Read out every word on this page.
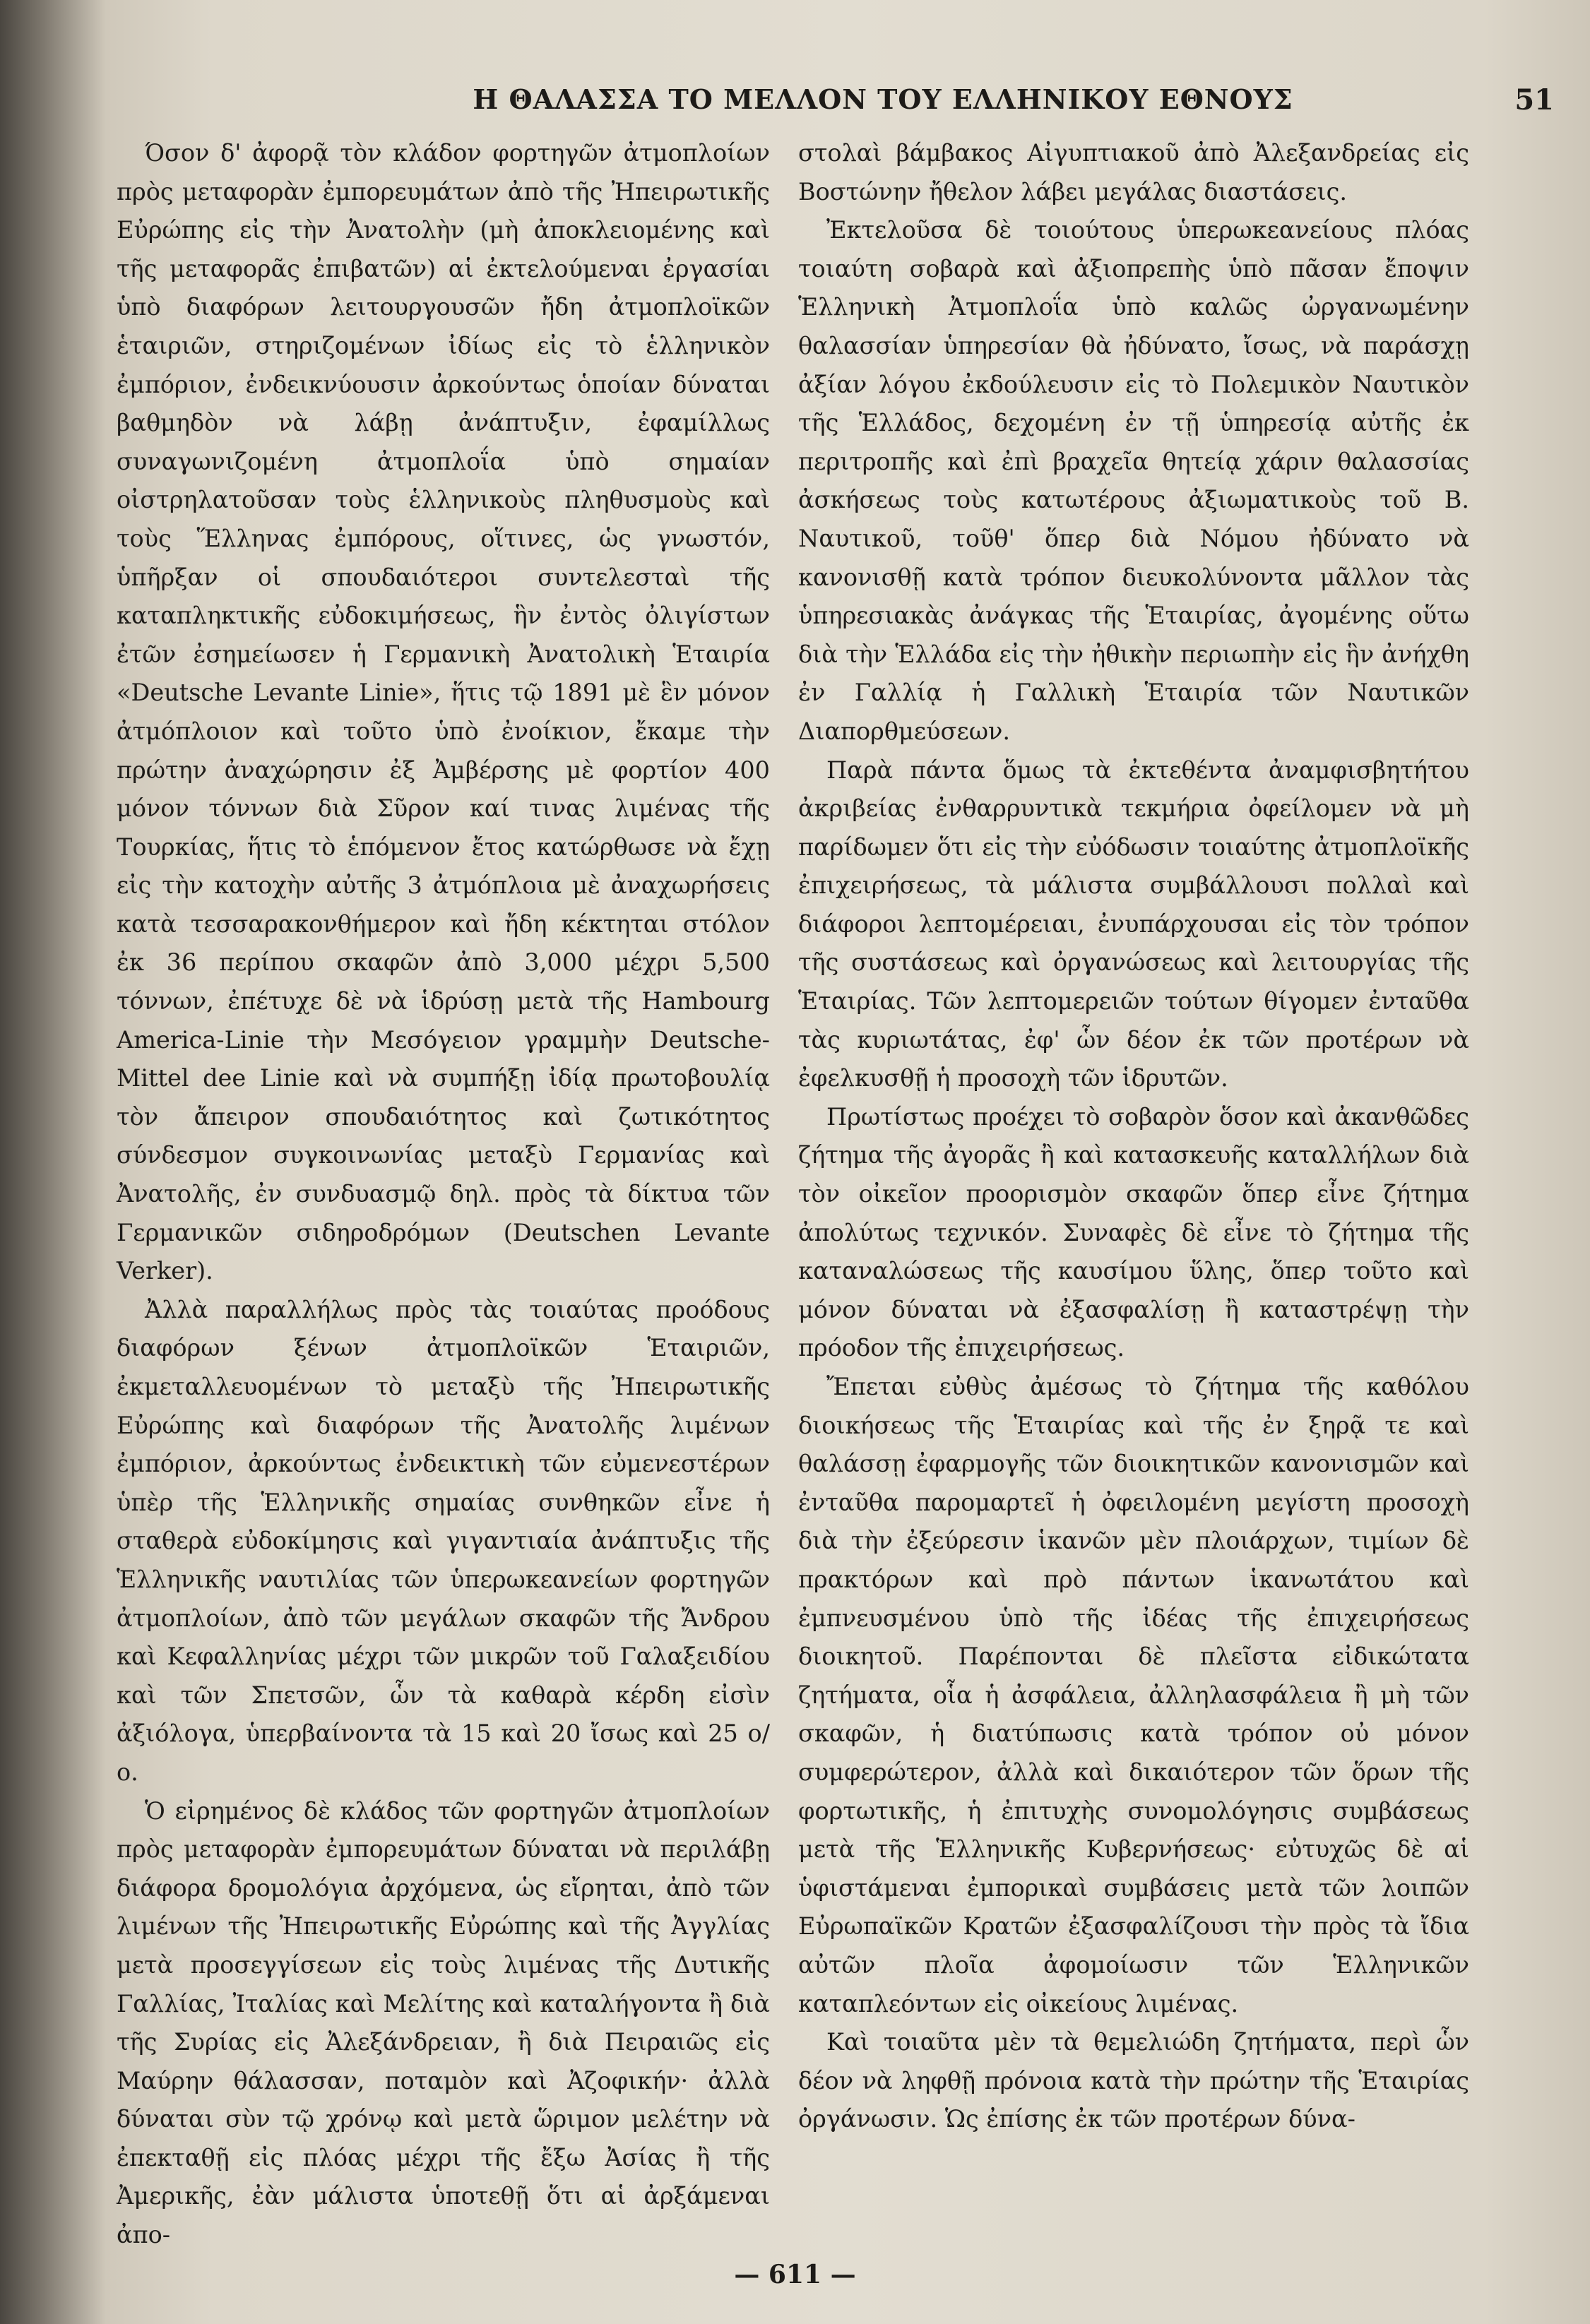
Η ΘΑΛΑΣΣΑ ΤΟ ΜΕΛΛΟΝ ΤΟΥ ΕΛΛΗΝΙΚΟΥ ΕΘΝΟΥΣ	51

Όσον δ' ἀφορᾷ τὸν κλάδον φορτηγῶν ἀτμοπλοίων πρὸς μεταφορὰν ἐμπορευμάτων ἀπὸ τῆς Ἠπειρωτικῆς Εὐρώπης εἰς τὴν Ἀνατολὴν (μὴ ἀποκλειομένης καὶ τῆς μεταφορᾶς ἐπιβατῶν) αἱ ἐκτελούμεναι ἐργασίαι ὑπὸ διαφόρων λειτουργουσῶν ἤδη ἀτμοπλοϊκῶν ἑταιριῶν, στηριζομένων ἰδίως εἰς τὸ ἑλληνικὸν ἐμπόριον, ἐνδεικνύουσιν ἀρκούντως ὁποίαν δύναται βαθμηδὸν νὰ λάβῃ ἀνάπτυξιν, ἐφαμίλλως συναγωνιζομένη ἀτμοπλοΐα ὑπὸ σημαίαν οἰστρηλατοῦσαν τοὺς ἑλληνικοὺς πληθυσμοὺς καὶ τοὺς Ἕλληνας ἐμπόρους, οἵτινες, ὡς γνωστόν, ὑπῆρξαν οἱ σπουδαιότεροι συντελεσταὶ τῆς καταπληκτικῆς εὐδοκιμήσεως, ἣν ἐντὸς ὀλιγίστων ἐτῶν ἐσημείωσεν ἡ Γερμανικὴ Ἀνατολικὴ Ἑταιρία «Deutsche Levante Linie», ἥτις τῷ 1891 μὲ ἓν μόνον ἀτμόπλοιον καὶ τοῦτο ὑπὸ ἐνοίκιον, ἔκαμε τὴν πρώτην ἀναχώρησιν ἐξ Ἀμβέρσης μὲ φορτίον 400 μόνον τόννων διὰ Σῦρον καί τινας λιμένας τῆς Τουρκίας, ἥτις τὸ ἑπόμενον ἔτος κατώρθωσε νὰ ἔχῃ εἰς τὴν κατοχὴν αὐτῆς 3 ἀτμόπλοια μὲ ἀναχωρήσεις κατὰ τεσσαρακονθήμερον καὶ ἤδη κέκτηται στόλον ἐκ 36 περίπου σκαφῶν ἀπὸ 3,000 μέχρι 5,500 τόννων, ἐπέτυχε δὲ νὰ ἱδρύσῃ μετὰ τῆς Hambourg America-Linie τὴν Μεσόγειον γραμμὴν Deutsche-Mittel dee Linie καὶ νὰ συμπήξῃ ἰδίᾳ πρωτοβουλίᾳ τὸν ἄπειρον σπουδαιότητος καὶ ζωτικότητος σύνδεσμον συγκοινωνίας μεταξὺ Γερμανίας καὶ Ἀνατολῆς, ἐν συνδυασμῷ δηλ. πρὸς τὰ δίκτυα τῶν Γερμανικῶν σιδηροδρόμων (Deutschen Levante Verker).

Ἀλλὰ παραλλήλως πρὸς τὰς τοιαύτας προόδους διαφόρων ξένων ἀτμοπλοϊκῶν Ἑταιριῶν, ἐκμεταλλευομένων τὸ μεταξὺ τῆς Ἠπειρωτικῆς Εὐρώπης καὶ διαφόρων τῆς Ἀνατολῆς λιμένων ἐμπόριον, ἀρκούντως ἐνδεικτικὴ τῶν εὐμενεστέρων ὑπὲρ τῆς Ἑλληνικῆς σημαίας συνθηκῶν εἶνε ἡ σταθερὰ εὐδοκίμησις καὶ γιγαντιαία ἀνάπτυξις τῆς Ἑλληνικῆς ναυτιλίας τῶν ὑπερωκεανείων φορτηγῶν ἀτμοπλοίων, ἀπὸ τῶν μεγάλων σκαφῶν τῆς Ἄνδρου καὶ Κεφαλληνίας μέχρι τῶν μικρῶν τοῦ Γαλαξειδίου καὶ τῶν Σπετσῶν, ὧν τὰ καθαρὰ κέρδη εἰσὶν ἀξιόλογα, ὑπερβαίνοντα τὰ 15 καὶ 20 ἴσως καὶ 25 ο/ο.

Ὁ εἰρημένος δὲ κλάδος τῶν φορτηγῶν ἀτμοπλοίων πρὸς μεταφορὰν ἐμπορευμάτων δύναται νὰ περιλάβῃ διάφορα δρομολόγια ἀρχόμενα, ὡς εἴρηται, ἀπὸ τῶν λιμένων τῆς Ἠπειρωτικῆς Εὐρώπης καὶ τῆς Ἀγγλίας μετὰ προσεγγίσεων εἰς τοὺς λιμένας τῆς Δυτικῆς Γαλλίας, Ἰταλίας καὶ Μελίτης καὶ καταλήγοντα ἢ διὰ τῆς Συρίας εἰς Ἀλεξάνδρειαν, ἢ διὰ Πειραιῶς εἰς Μαύρην θάλασσαν, ποταμὸν καὶ Ἀζοφικήν· ἀλλὰ δύναται σὺν τῷ χρόνῳ καὶ μετὰ ὥριμον μελέτην νὰ ἐπεκταθῇ εἰς πλόας μέχρι τῆς ἔξω Ἀσίας ἢ τῆς Ἀμερικῆς, ἐὰν μάλιστα ὑποτεθῇ ὅτι αἱ ἀρξάμεναι ἀπο-

στολαὶ βάμβακος Αἰγυπτιακοῦ ἀπὸ Ἀλεξανδρείας εἰς Βοστώνην ἤθελον λάβει μεγάλας διαστάσεις.

Ἐκτελοῦσα δὲ τοιούτους ὑπερωκεανείους πλόας τοιαύτη σοβαρὰ καὶ ἀξιοπρεπὴς ὑπὸ πᾶσαν ἔποψιν Ἑλληνικὴ Ἀτμοπλοΐα ὑπὸ καλῶς ὠργανωμένην θαλασσίαν ὑπηρεσίαν θὰ ἠδύνατο, ἴσως, νὰ παράσχῃ ἀξίαν λόγου ἐκδούλευσιν εἰς τὸ Πολεμικὸν Ναυτικὸν τῆς Ἑλλάδος, δεχομένη ἐν τῇ ὑπηρεσίᾳ αὐτῆς ἐκ περιτροπῆς καὶ ἐπὶ βραχεῖα θητείᾳ χάριν θαλασσίας ἀσκήσεως τοὺς κατωτέρους ἀξιωματικοὺς τοῦ Β. Ναυτικοῦ, τοῦθ' ὅπερ διὰ Νόμου ἠδύνατο νὰ κανονισθῇ κατὰ τρόπον διευκολύνοντα μᾶλλον τὰς ὑπηρεσιακὰς ἀνάγκας τῆς Ἑταιρίας, ἀγομένης οὕτω διὰ τὴν Ἑλλάδα εἰς τὴν ἠθικὴν περιωπὴν εἰς ἣν ἀνήχθη ἐν Γαλλίᾳ ἡ Γαλλικὴ Ἑταιρία τῶν Ναυτικῶν Διαπορθμεύσεων.

Παρὰ πάντα ὅμως τὰ ἐκτεθέντα ἀναμφισβητήτου ἀκριβείας ἐνθαρρυντικὰ τεκμήρια ὀφείλομεν νὰ μὴ παρίδωμεν ὅτι εἰς τὴν εὐόδωσιν τοιαύτης ἀτμοπλοϊκῆς ἐπιχειρήσεως, τὰ μάλιστα συμβάλλουσι πολλαὶ καὶ διάφοροι λεπτομέρειαι, ἐνυπάρχουσαι εἰς τὸν τρόπον τῆς συστάσεως καὶ ὀργανώσεως καὶ λειτουργίας τῆς Ἑταιρίας. Τῶν λεπτομερειῶν τούτων θίγομεν ἐνταῦθα τὰς κυριωτάτας, ἐφ' ὧν δέον ἐκ τῶν προτέρων νὰ ἐφελκυσθῇ ἡ προσοχὴ τῶν ἱδρυτῶν.

Πρωτίστως προέχει τὸ σοβαρὸν ὅσον καὶ ἀκανθῶδες ζήτημα τῆς ἀγορᾶς ἢ καὶ κατασκευῆς καταλλήλων διὰ τὸν οἰκεῖον προορισμὸν σκαφῶν ὅπερ εἶνε ζήτημα ἀπολύτως τεχνικόν. Συναφὲς δὲ εἶνε τὸ ζήτημα τῆς καταναλώσεως τῆς καυσίμου ὕλης, ὅπερ τοῦτο καὶ μόνον δύναται νὰ ἐξασφαλίσῃ ἢ καταστρέψῃ τὴν πρόοδον τῆς ἐπιχειρήσεως.

Ἔπεται εὐθὺς ἀμέσως τὸ ζήτημα τῆς καθόλου διοικήσεως τῆς Ἑταιρίας καὶ τῆς ἐν ξηρᾷ τε καὶ θαλάσσῃ ἐφαρμογῆς τῶν διοικητικῶν κανονισμῶν καὶ ἐνταῦθα παρομαρτεῖ ἡ ὀφειλομένη μεγίστη προσοχὴ διὰ τὴν ἐξεύρεσιν ἱκανῶν μὲν πλοιάρχων, τιμίων δὲ πρακτόρων καὶ πρὸ πάντων ἱκανωτάτου καὶ ἐμπνευσμένου ὑπὸ τῆς ἰδέας τῆς ἐπιχειρήσεως διοικητοῦ. Παρέπονται δὲ πλεῖστα εἰδικώτατα ζητήματα, οἷα ἡ ἀσφάλεια, ἀλληλασφάλεια ἢ μὴ τῶν σκαφῶν, ἡ διατύπωσις κατὰ τρόπον οὐ μόνον συμφερώτερον, ἀλλὰ καὶ δικαιότερον τῶν ὅρων τῆς φορτωτικῆς, ἡ ἐπιτυχὴς συνομολόγησις συμβάσεως μετὰ τῆς Ἑλληνικῆς Κυβερνήσεως· εὐτυχῶς δὲ αἱ ὑφιστάμεναι ἐμπορικαὶ συμβάσεις μετὰ τῶν λοιπῶν Εὐρωπαϊκῶν Κρατῶν ἐξασφαλίζουσι τὴν πρὸς τὰ ἴδια αὐτῶν πλοῖα ἀφομοίωσιν τῶν Ἑλληνικῶν καταπλεόντων εἰς οἰκείους λιμένας.

Καὶ τοιαῦτα μὲν τὰ θεμελιώδη ζητήματα, περὶ ὧν δέον νὰ ληφθῇ πρόνοια κατὰ τὴν πρώτην τῆς Ἑταιρίας ὀργάνωσιν. Ὡς ἐπίσης ἐκ τῶν προτέρων δύνα-

— 611 —
